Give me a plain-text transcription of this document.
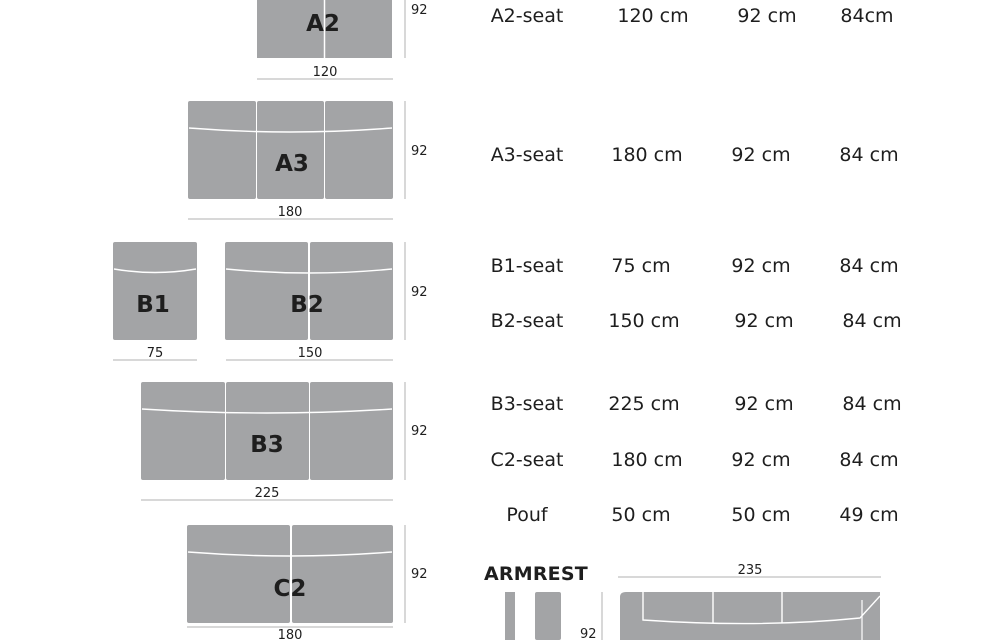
A2
120
92
A3
180
92
B1
75
B2
150
92
B3
225
92
C2
180
92
92
235
A2-seat	120 cm	92 cm	84cm
A3-seat	180 cm	92 cm	84 cm
B1-seat	75 cm	92 cm	84 cm
B2-seat	150 cm	92 cm	84 cm
B3-seat	225 cm	92 cm	84 cm
C2-seat	180 cm	92 cm	84 cm
Pouf	50 cm	50 cm	49 cm
ARMREST
